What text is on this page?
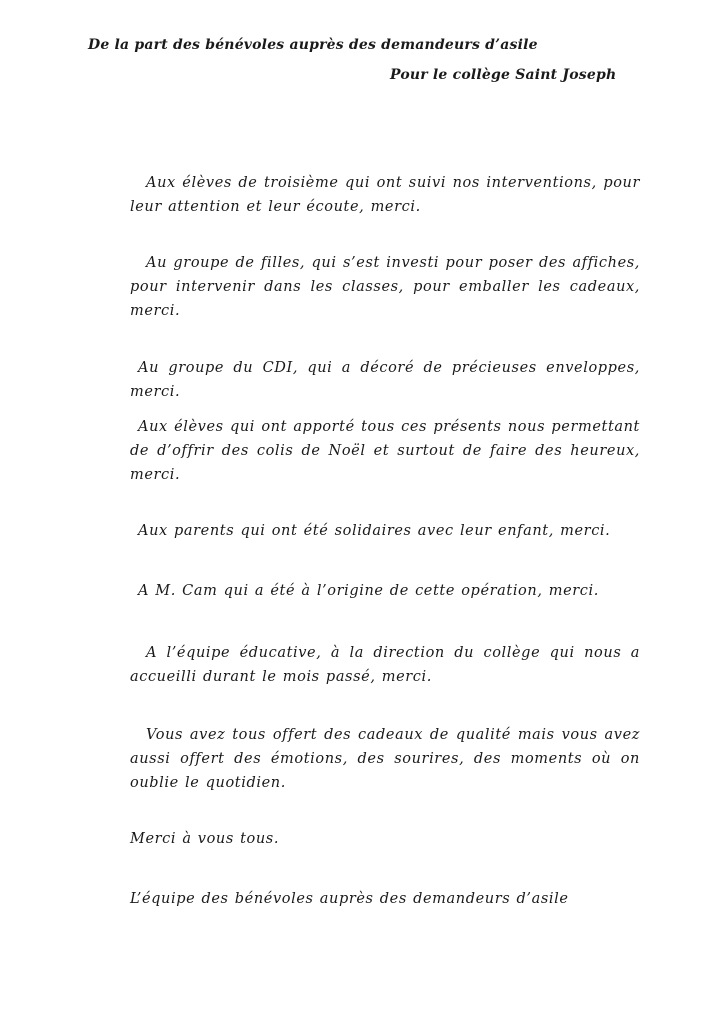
De la part des bénévoles auprès des demandeurs d’asile
Pour le collège Saint Joseph

Aux élèves de troisième qui ont suivi nos interventions, pour leur attention et leur écoute, merci.

Au groupe de filles, qui s’est investi pour poser des affiches, pour intervenir dans les classes, pour emballer les cadeaux, merci.

Au groupe du CDI, qui a décoré de précieuses enveloppes, merci.

Aux élèves qui ont apporté tous ces présents nous permettant de d’offrir des colis de Noël et surtout de faire des heureux, merci.

Aux parents qui ont été solidaires avec leur enfant, merci.

A M. Cam qui a été à l’origine de cette opération, merci.

A l’équipe éducative, à la direction du collège qui nous a accueilli durant le mois passé, merci.

Vous avez tous offert des cadeaux de qualité mais vous avez aussi offert des émotions, des sourires, des moments où on oublie le quotidien.

Merci à vous tous.

L’équipe des bénévoles auprès des demandeurs d’asile
